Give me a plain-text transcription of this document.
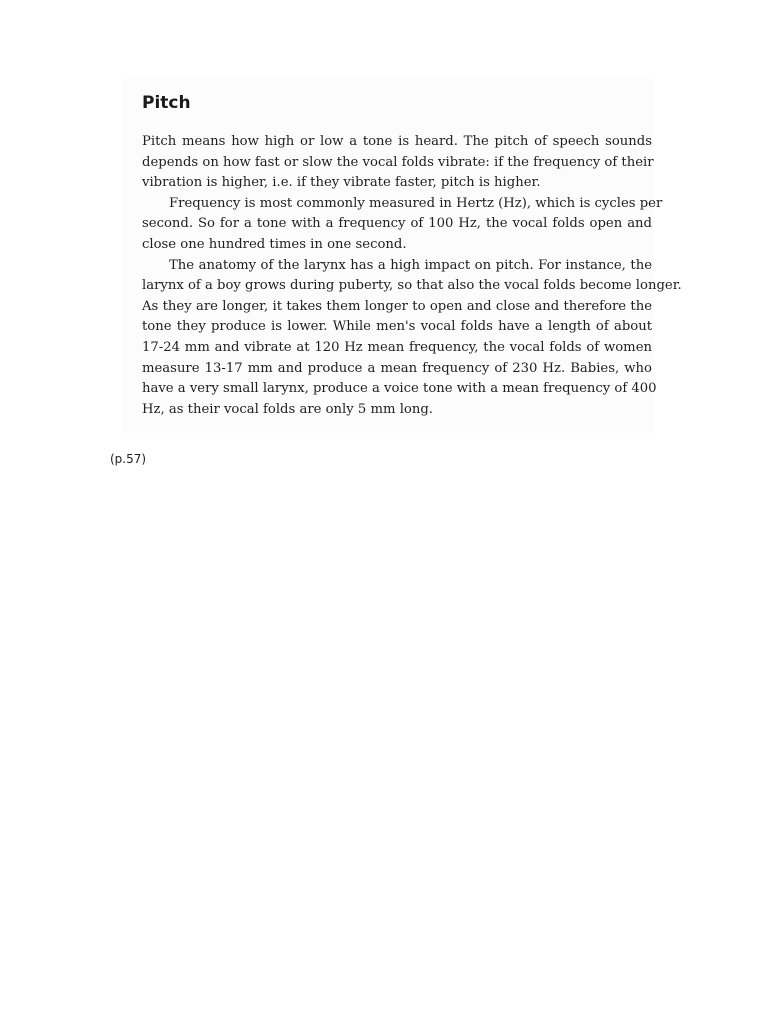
Pitch
Pitch means how high or low a tone is heard. The pitch of speech sounds
depends on how fast or slow the vocal folds vibrate: if the frequency of their
vibration is higher, i.e. if they vibrate faster, pitch is higher.
Frequency is most commonly measured in Hertz (Hz), which is cycles per
second. So for a tone with a frequency of 100 Hz, the vocal folds open and
close one hundred times in one second.
The anatomy of the larynx has a high impact on pitch. For instance, the
larynx of a boy grows during puberty, so that also the vocal folds become longer.
As they are longer, it takes them longer to open and close and therefore the
tone they produce is lower. While men's vocal folds have a length of about
17-24 mm and vibrate at 120 Hz mean frequency, the vocal folds of women
measure 13-17 mm and produce a mean frequency of 230 Hz. Babies, who
have a very small larynx, produce a voice tone with a mean frequency of 400
Hz, as their vocal folds are only 5 mm long.
(p.57)
